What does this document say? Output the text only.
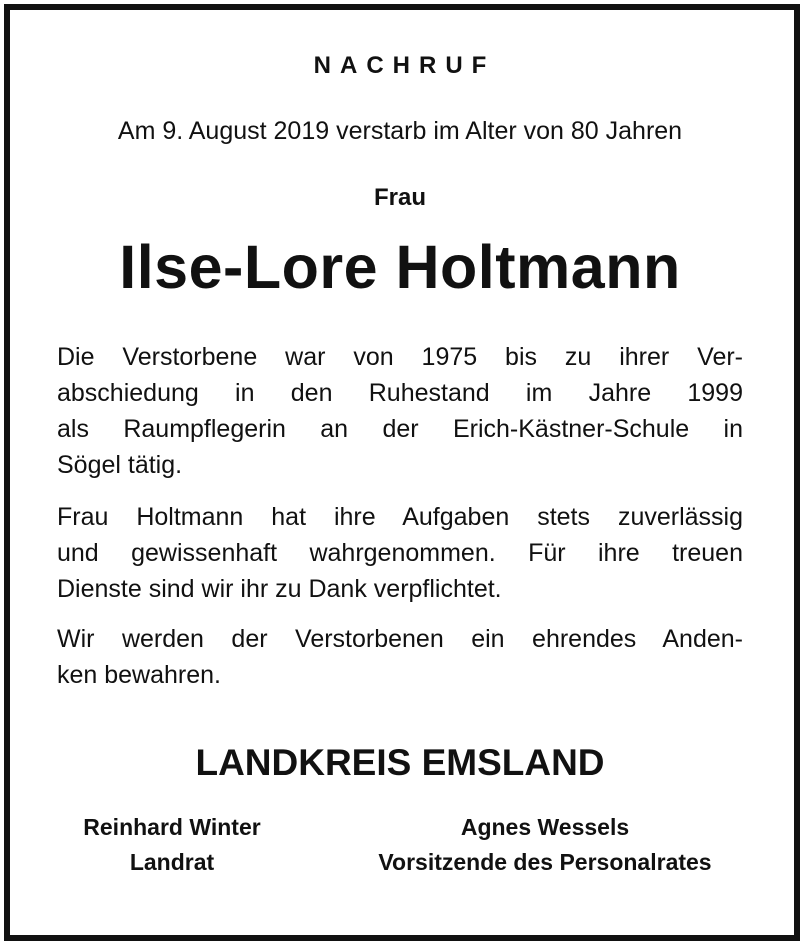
NACHRUF
Am 9. August 2019 verstarb im Alter von 80 Jahren
Frau
Ilse-Lore Holtmann
Die Verstorbene war von 1975 bis zu ihrer Ver-
abschiedung in den Ruhestand im Jahre 1999
als Raumpflegerin an der Erich-Kästner-Schule in
Sögel tätig.
Frau Holtmann hat ihre Aufgaben stets zuverlässig
und gewissenhaft wahrgenommen. Für ihre treuen
Dienste sind wir ihr zu Dank verpflichtet.
Wir werden der Verstorbenen ein ehrendes Anden-
ken bewahren.
LANDKREIS EMSLAND
Reinhard Winter
Landrat
Agnes Wessels
Vorsitzende des Personalrates
